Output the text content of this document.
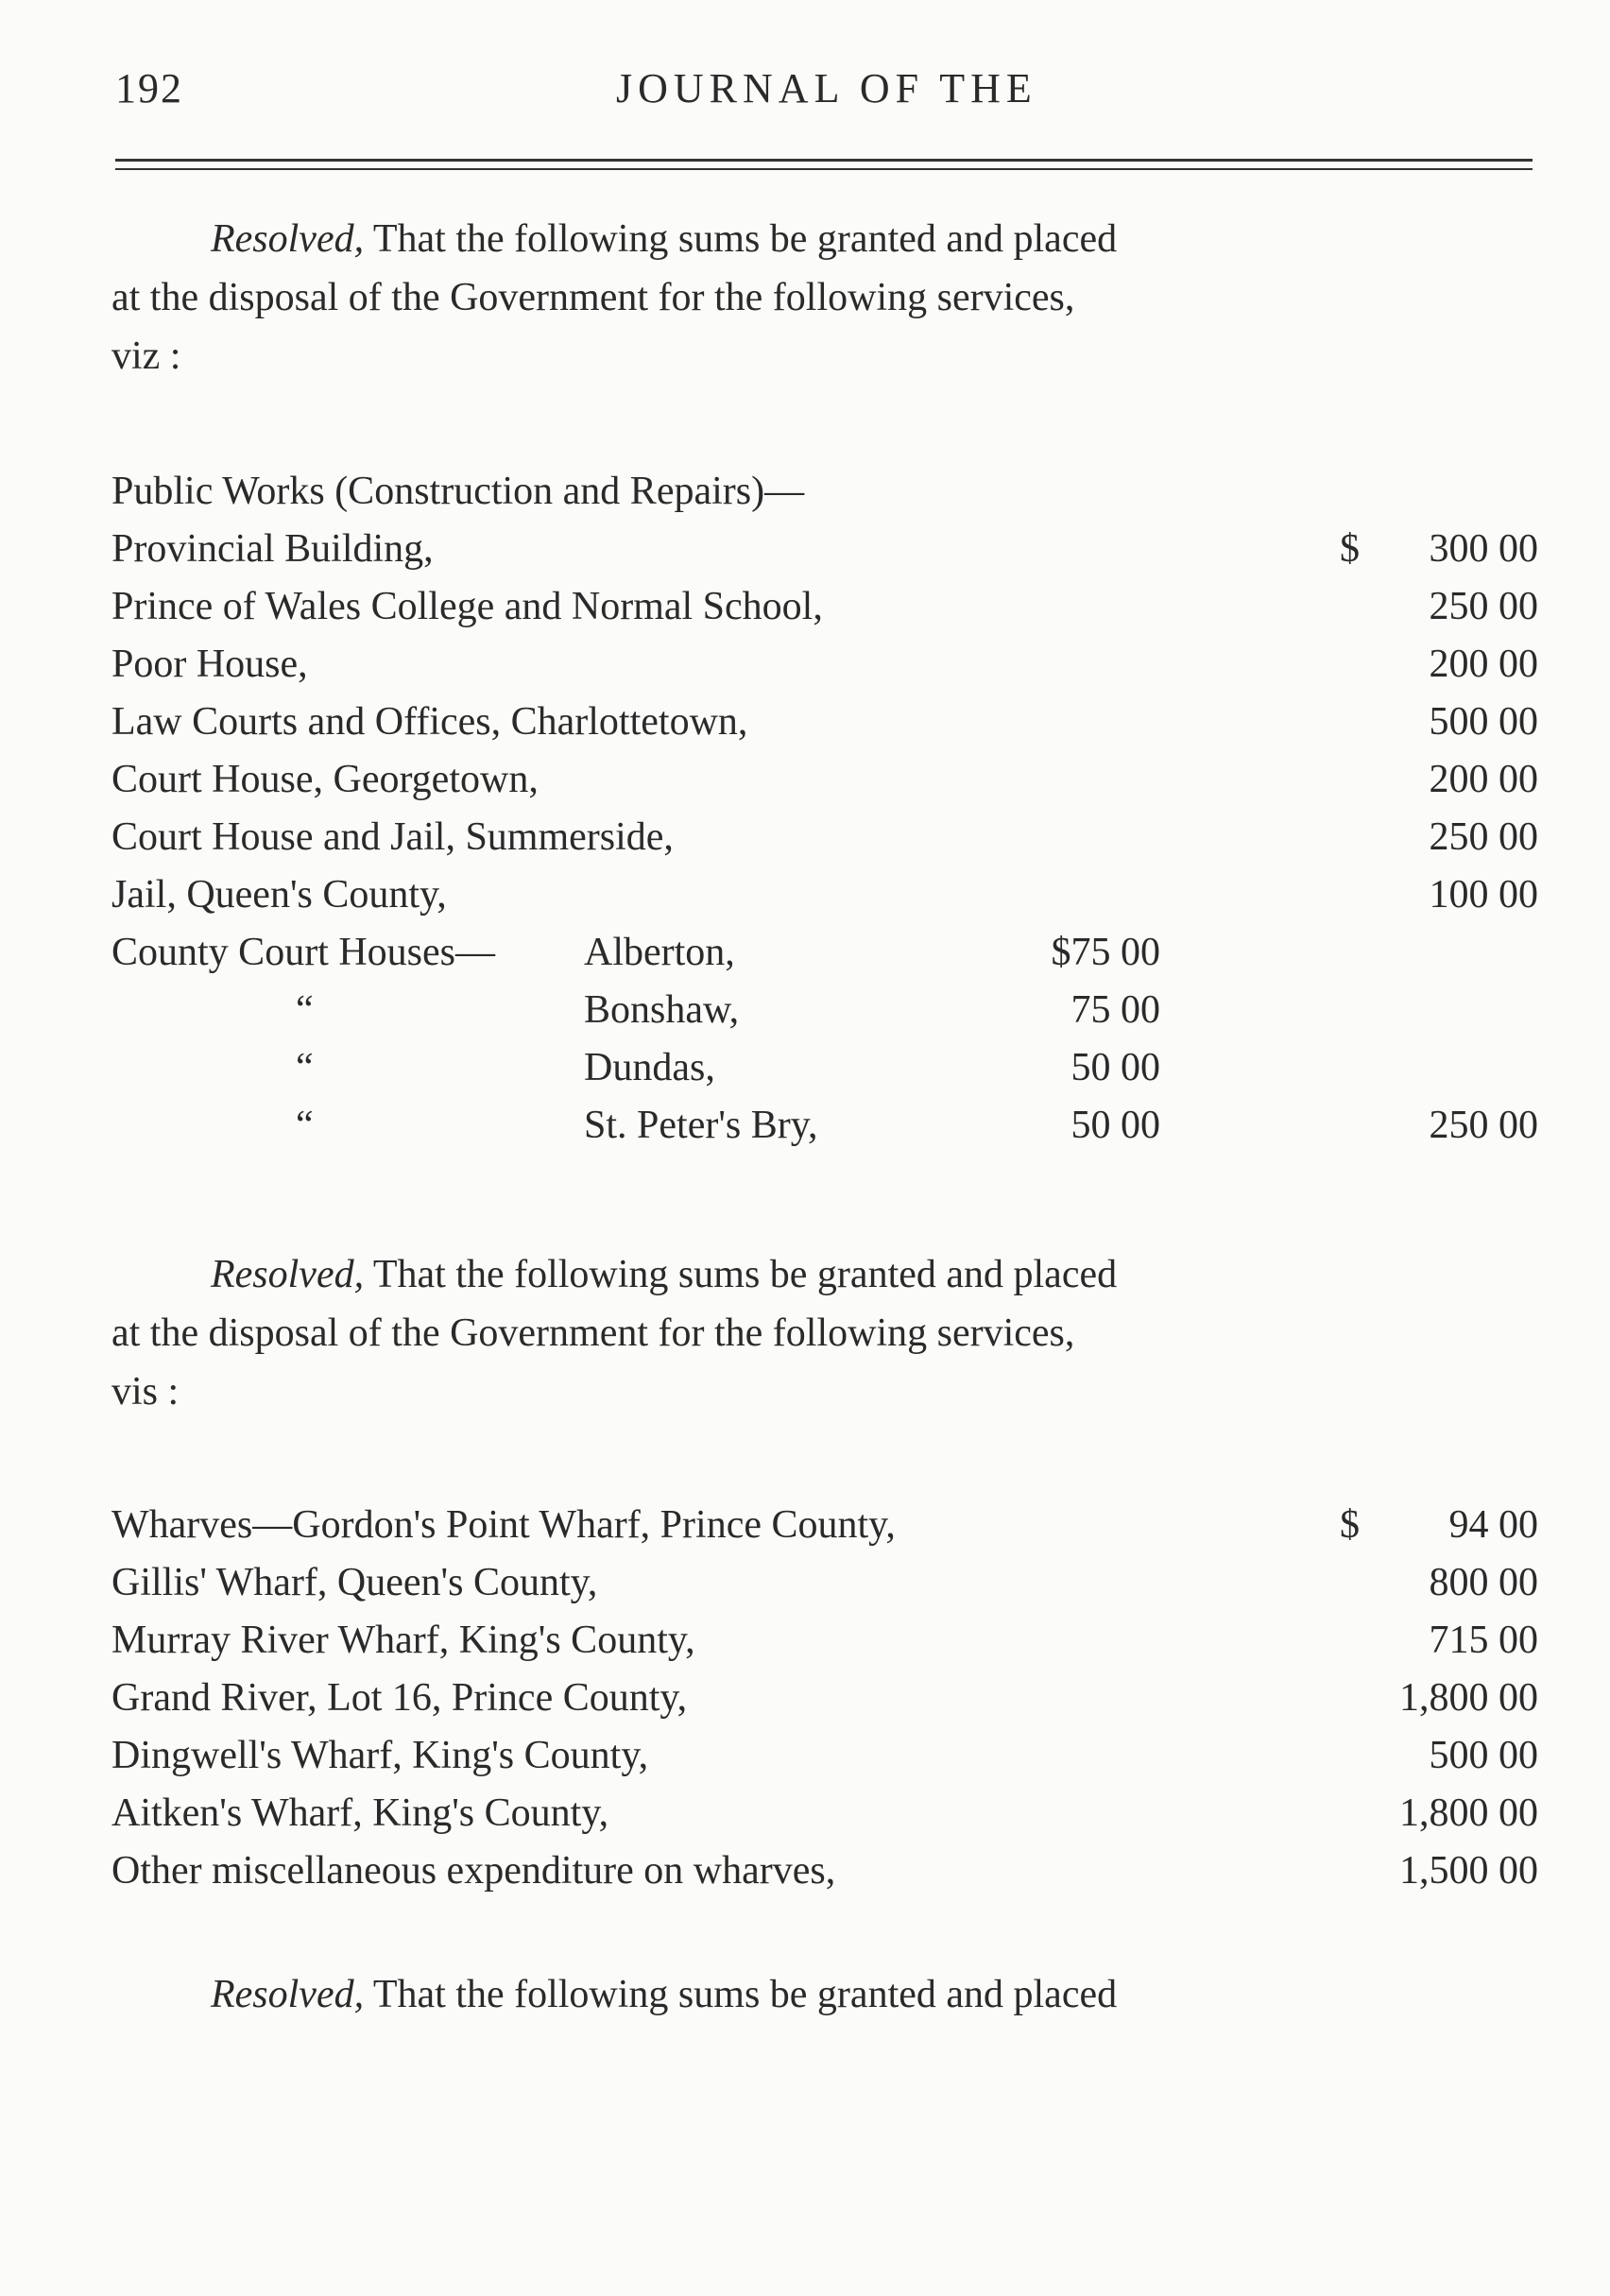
192	JOURNAL OF THE
Resolved, That the following sums be granted and placed
at the disposal of the Government for the following services,
viz :
Public Works (Construction and Repairs)—
Provincial Building,	$ 300 00
Prince of Wales College and Normal School,	250 00
Poor House,	200 00
Law Courts and Offices, Charlottetown,	500 00
Court House, Georgetown,	200 00
Court House and Jail, Summerside,	250 00
Jail, Queen's County,	100 00
County Court Houses— Alberton,	$75 00
“	Bonshaw,	75 00
“	Dundas,	50 00
“	St. Peter's Bry,	50 00	250 00
Resolved, That the following sums be granted and placed
at the disposal of the Government for the following services,
vis :
Wharves—Gordon's Point Wharf, Prince County,	$ 94 00
Gillis' Wharf, Queen's County,	800 00
Murray River Wharf, King's County,	715 00
Grand River, Lot 16, Prince County,	1,800 00
Dingwell's Wharf, King's County,	500 00
Aitken's Wharf, King's County,	1,800 00
Other miscellaneous expenditure on wharves,	1,500 00
Resolved, That the following sums be granted and placed
